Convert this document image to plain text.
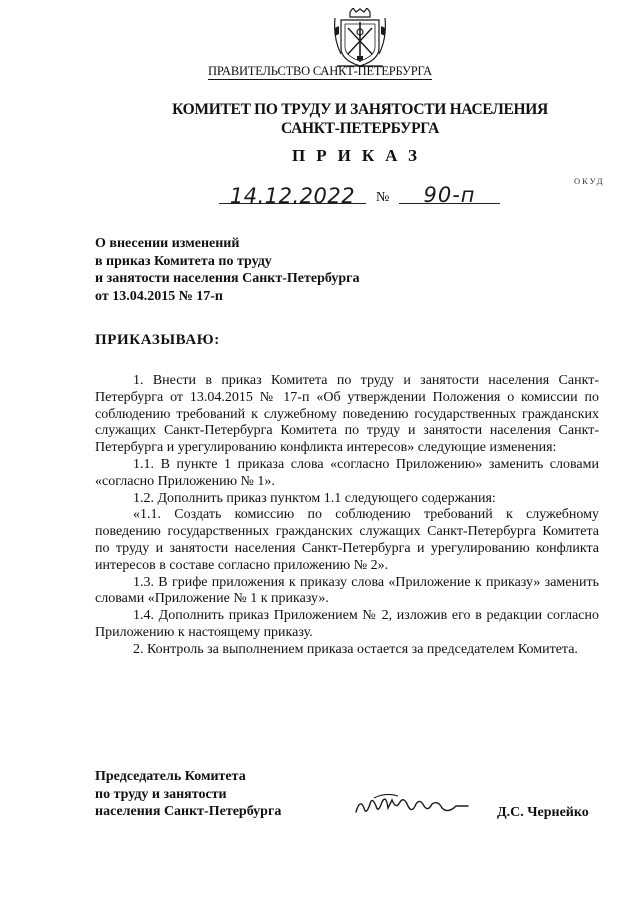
ПРАВИТЕЛЬСТВО САНКТ-ПЕТЕРБУРГА
КОМИТЕТ ПО ТРУДУ И ЗАНЯТОСТИ НАСЕЛЕНИЯ
САНКТ-ПЕТЕРБУРГА
ПРИКАЗ
ОКУД
14.12.2022	№	90-п
О внесении изменений
в приказ Комитета по труду
и занятости населения Санкт-Петербурга
от 13.04.2015 № 17-п
ПРИКАЗЫВАЮ:

1. Внести в приказ Комитета по труду и занятости населения Санкт-Петербурга от 13.04.2015 № 17-п «Об утверждении Положения о комиссии по соблюдению требований к служебному поведению государственных гражданских служащих Санкт-Петербурга Комитета по труду и занятости населения Санкт-Петербурга и урегулированию конфликта интересов» следующие изменения:

1.1. В пункте 1 приказа слова «согласно Приложению» заменить словами «согласно Приложению № 1».

1.2. Дополнить приказ пунктом 1.1 следующего содержания:

«1.1. Создать комиссию по соблюдению требований к служебному поведению государственных гражданских служащих Санкт-Петербурга Комитета по труду и занятости населения Санкт-Петербурга и урегулированию конфликта интересов в составе согласно приложению № 2».

1.3. В грифе приложения к приказу слова «Приложение к приказу» заменить словами «Приложение № 1 к приказу».

1.4. Дополнить приказ Приложением № 2, изложив его в редакции согласно Приложению к настоящему приказу.

2. Контроль за выполнением приказа остается за председателем Комитета.

Председатель Комитета
по труду и занятости
населения Санкт-Петербурга	Д.С. Чернейко
